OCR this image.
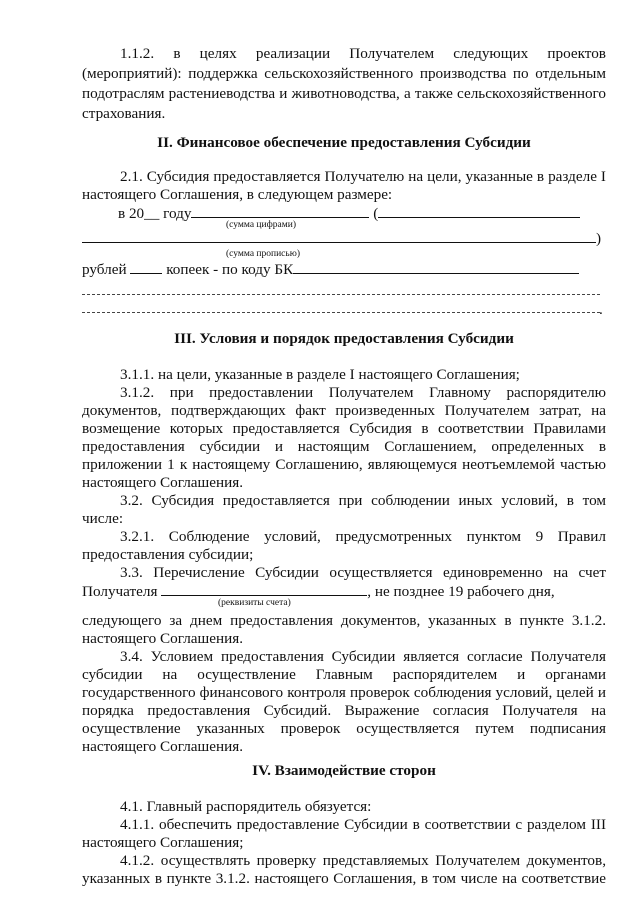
1.1.2. в целях реализации Получателем следующих проектов
(мероприятий): поддержка сельскохозяйственного производства по отдельным
подотраслям растениеводства и животноводства, а также сельскохозяйственного
страхования.
II. Финансовое обеспечение предоставления Субсидии
2.1. Субсидия предоставляется Получателю на цели, указанные в разделе I
настоящего Соглашения, в следующем размере:
в 20__ году	(
(сумма цифрами)
)
(сумма прописью)
рублей	копеек - по коду БК
.
III. Условия и порядок предоставления Субсидии
3.1.1. на цели, указанные в разделе I настоящего Соглашения;
3.1.2. при предоставлении Получателем Главному распорядителю
документов, подтверждающих факт произведенных Получателем затрат, на
возмещение которых предоставляется Субсидия в соответствии Правилами
предоставления субсидии и настоящим Соглашением, определенных в
приложении 1 к настоящему Соглашению, являющемуся неотъемлемой частью
настоящего Соглашения.
3.2. Субсидия предоставляется при соблюдении иных условий, в том
числе:
3.2.1. Соблюдение условий, предусмотренных пунктом 9 Правил
предоставления субсидии;
3.3. Перечисление Субсидии осуществляется единовременно на счет
Получателя	, не позднее 19 рабочего дня,
(реквизиты счета)
следующего за днем предоставления документов, указанных в пункте 3.1.2.
настоящего Соглашения.
3.4. Условием предоставления Субсидии является согласие Получателя
субсидии на осуществление Главным распорядителем и органами
государственного финансового контроля проверок соблюдения условий, целей и
порядка предоставления Субсидий. Выражение согласия Получателя на
осуществление указанных проверок осуществляется путем подписания
настоящего Соглашения.
IV. Взаимодействие сторон
4.1. Главный распорядитель обязуется:
4.1.1. обеспечить предоставление Субсидии в соответствии с разделом III
настоящего Соглашения;
4.1.2. осуществлять проверку представляемых Получателем документов,
указанных в пункте 3.1.2. настоящего Соглашения, в том числе на соответствие
